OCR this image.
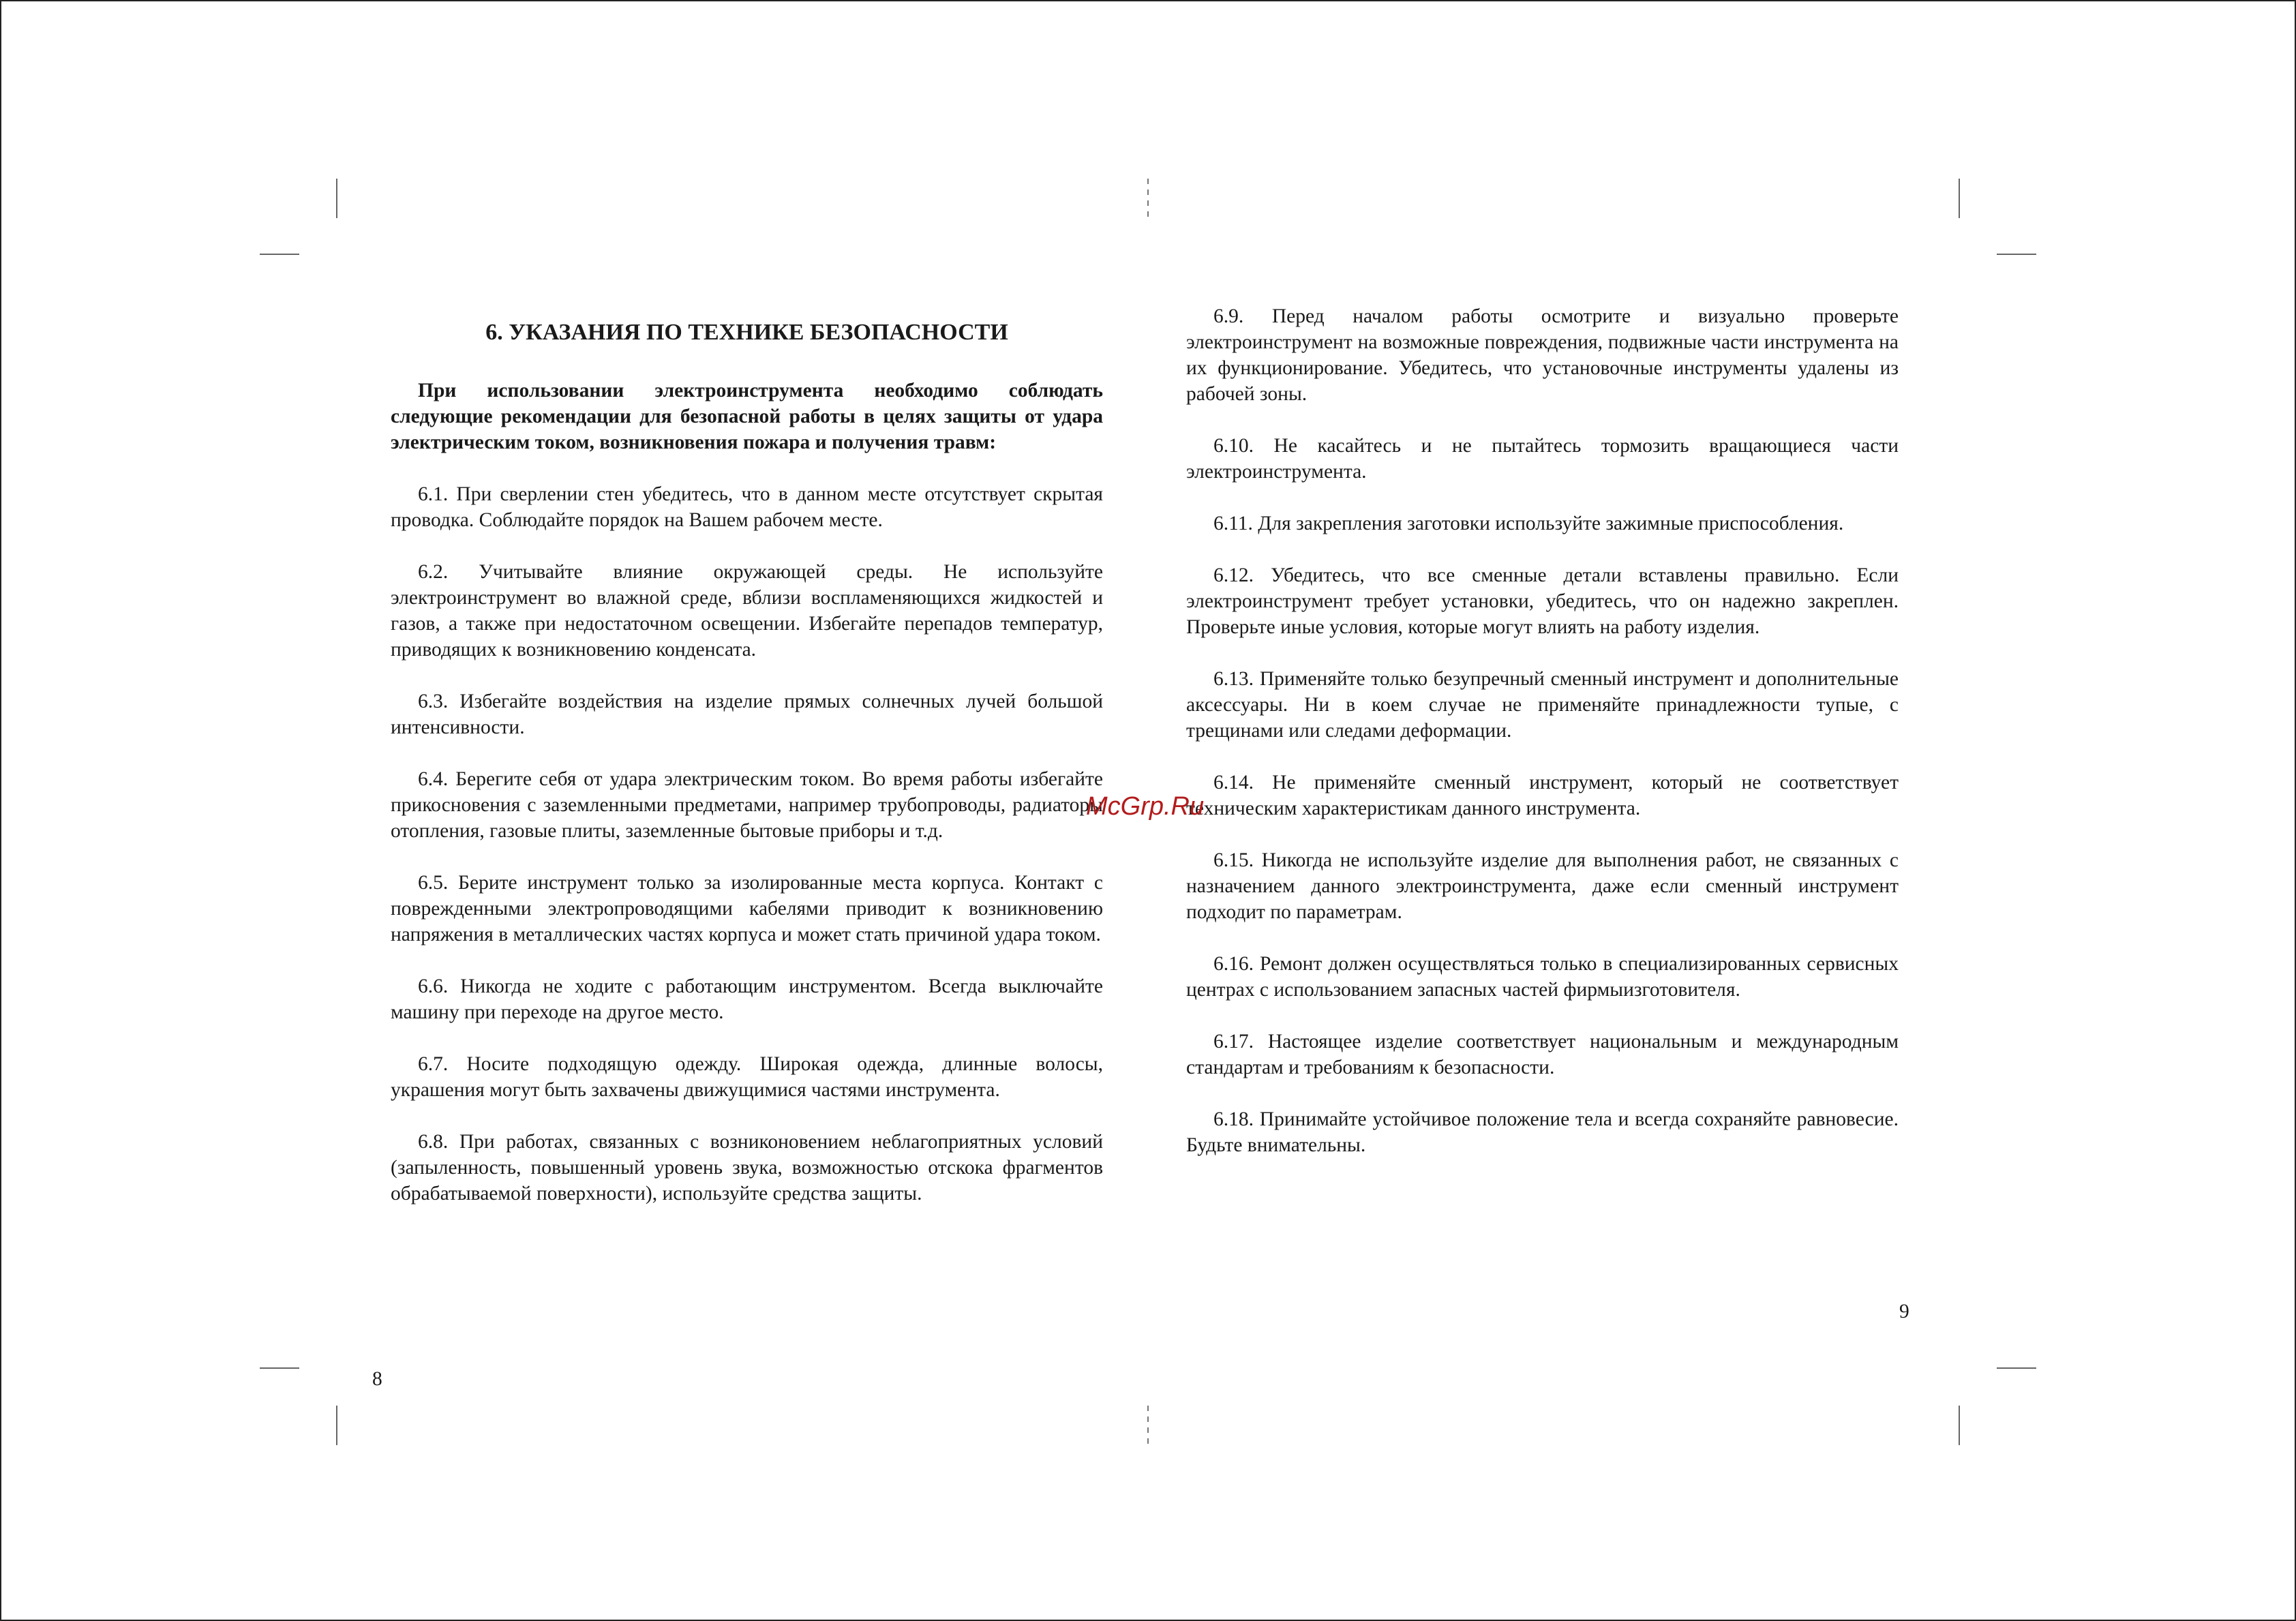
6. УКАЗАНИЯ ПО ТЕХНИКЕ БЕЗОПАСНОСТИ

При использовании электроинструмента необходимо соблюдать следующие рекомендации для безопасной работы в целях защиты от удара электрическим током, возникновения пожара и получения травм:

6.1. При сверлении стен убедитесь, что в данном месте отсутствует скрытая проводка. Соблюдайте порядок на Вашем рабочем месте.

6.2. Учитывайте влияние окружающей среды. Не используйте электроинструмент во влажной среде, вблизи воспламеняющихся жидкостей и газов, а также при недостаточном освещении. Избегайте перепадов температур, приводящих к возникновению конденсата.

6.3. Избегайте воздействия на изделие прямых солнечных лучей большой интенсивности.

6.4. Берегите себя от удара электрическим током. Во время работы избегайте прикосновения с заземленными предметами, например трубопроводы, радиаторы отопления, газовые плиты, заземленные бытовые приборы и т.д.

6.5. Берите инструмент только за изолированные места корпуса. Контакт с поврежденными электропроводящими кабелями приводит к возникновению напряжения в металлических частях корпуса и может стать причиной удара током.

6.6. Никогда не ходите с работающим инструментом. Всегда выключайте машину при переходе на другое место.

6.7. Носите подходящую одежду. Широкая одежда, длинные волосы, украшения могут быть захвачены движущимися частями инструмента.

6.8. При работах, связанных с возниконовением неблагоприятных условий (запыленность, повышенный уровень звука, возможностью отскока фрагментов обрабатываемой поверхности), используйте средства защиты.

6.9. Перед началом работы осмотрите и визуально проверьте электроинструмент на возможные повреждения, подвижные части инструмента на их функционирование. Убедитесь, что установочные инструменты удалены из рабочей зоны.

6.10. Не касайтесь и не пытайтесь тормозить вращающиеся части электроинструмента.

6.11. Для закрепления заготовки используйте зажимные приспособления.

6.12. Убедитесь, что все сменные детали вставлены правильно. Если электроинструмент требует установки, убедитесь, что он надежно закреплен. Проверьте иные условия, которые могут влиять на работу изделия.

6.13. Применяйте только безупречный сменный инструмент и дополнительные аксессуары. Ни в коем случае не применяйте принадлежности тупые, с трещинами или следами деформации.

6.14. Не применяйте сменный инструмент, который не соответствует техническим характеристикам данного инструмента.

6.15. Никогда не используйте изделие для выполнения работ, не связанных с назначением данного электроинструмента, даже если сменный инструмент подходит по параметрам.

6.16. Ремонт должен осуществляться только в специализированных сервисных центрах с использованием запасных частей фирмыизготовителя.

6.17. Настоящее изделие соответствует национальным и международным стандартам и требованиям к безопасности.

6.18. Принимайте устойчивое положение тела и всегда сохраняйте равновесие. Будьте внимательны.

8
9
McGrp.Ru
